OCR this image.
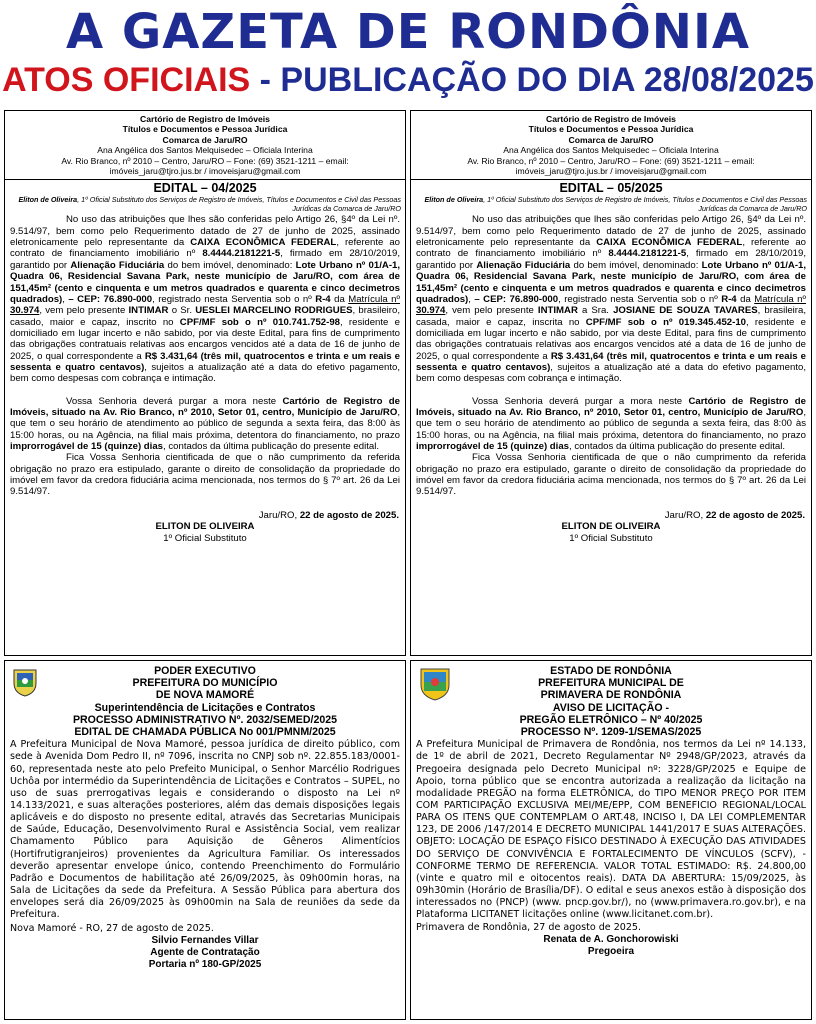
A GAZETA DE RONDÔNIA
ATOS OFICIAIS - PUBLICAÇÃO DO DIA 28/08/2025
Cartório de Registro de Imóveis
Títulos e Documentos e Pessoa Jurídica
Comarca de Jaru/RO
Ana Angélica dos Santos Melquisedec – Oficiala Interina
Av. Rio Branco, nº 2010 – Centro, Jaru/RO – Fone: (69) 3521-1211 – email:
imóveis_jaru@tjro.jus.br / imoveisjaru@gmail.com
EDITAL – 04/2025
Eliton de Oliveira, 1º Oficial Substituto dos Serviços de Registro de Imóveis, Títulos e Documentos e Civil das Pessoas Jurídicas da Comarca de Jaru/RO

No uso das atribuições que lhes são conferidas pelo Artigo 26, §4º da Lei nº. 9.514/97, bem como pelo Requerimento datado de 27 de junho de 2025, assinado eletronicamente pelo representante da CAIXA ECONÔMICA FEDERAL, referente ao contrato de financiamento imobiliário nº 8.4444.2181221-5, firmado em 28/10/2019, garantido por Alienação Fiduciária do bem imóvel, denominado: Lote Urbano nº 01/A-1, Quadra 06, Residencial Savana Park, neste município de Jaru/RO, com área de 151,45m² (cento e cinquenta e um metros quadrados e quarenta e cinco decimetros quadrados), – CEP: 76.890-000, registrado nesta Serventia sob o nº R-4 da Matrícula nº 30.974, vem pelo presente INTIMAR o Sr. UESLEI MARCELINO RODRIGUES, brasileiro, casado, maior e capaz, inscrito no CPF/MF sob o nº 010.741.752-98, residente e domiciliado em lugar incerto e não sabido, por via deste Edital, para fins de cumprimento das obrigações contratuais relativas aos encargos vencidos até a data de 16 de junho de 2025, o qual correspondente a R$ 3.431,64 (três mil, quatrocentos e trinta e um reais e sessenta e quatro centavos), sujeitos a atualização até a data do efetivo pagamento, bem como despesas com cobrança e intimação.

Vossa Senhoria deverá purgar a mora neste Cartório de Registro de Imóveis, situado na Av. Rio Branco, nº 2010, Setor 01, centro, Município de Jaru/RO, que tem o seu horário de atendimento ao público de segunda a sexta feira, das 8:00 às 15:00 horas, ou na Agência, na filial mais próxima, detentora do financiamento, no prazo improrrogável de 15 (quinze) dias, contados da última publicação do presente edital.

Fica Vossa Senhoria cientificada de que o não cumprimento da referida obrigação no prazo era estipulado, garante o direito de consolidação da propriedade do imóvel em favor da credora fiduciária acima mencionada, nos termos do § 7º art. 26 da Lei 9.514/97.

Jaru/RO, 22 de agosto de 2025.
ELITON DE OLIVEIRA
1º Oficial Substituto
Cartório de Registro de Imóveis
Títulos e Documentos e Pessoa Jurídica
Comarca de Jaru/RO
Ana Angélica dos Santos Melquisedec – Oficiala Interina
Av. Rio Branco, nº 2010 – Centro, Jaru/RO – Fone: (69) 3521-1211 – email:
imóveis_jaru@tjro.jus.br / imoveisjaru@gmail.com
EDITAL – 05/2025
Eliton de Oliveira, 1º Oficial Substituto dos Serviços de Registro de Imóveis, Títulos e Documentos e Civil das Pessoas Jurídicas da Comarca de Jaru/RO

No uso das atribuições que lhes são conferidas pelo Artigo 26, §4º da Lei nº. 9.514/97, bem como pelo Requerimento datado de 27 de junho de 2025, assinado eletronicamente pelo representante da CAIXA ECONÔMICA FEDERAL, referente ao contrato de financiamento imobiliário nº 8.4444.2181221-5, firmado em 28/10/2019, garantido por Alienação Fiduciária do bem imóvel, denominado: Lote Urbano nº 01/A-1, Quadra 06, Residencial Savana Park, neste município de Jaru/RO, com área de 151,45m² (cento e cinquenta e um metros quadrados e quarenta e cinco decimetros quadrados), – CEP: 76.890-000, registrado nesta Serventia sob o nº R-4 da Matrícula nº 30.974, vem pelo presente INTIMAR a Sra. JOSIANE DE SOUZA TAVARES, brasileira, casada, maior e capaz, inscrita no CPF/MF sob o nº 019.345.452-10, residente e domiciliada em lugar incerto e não sabido, por via deste Edital, para fins de cumprimento das obrigações contratuais relativas aos encargos vencidos até a data de 16 de junho de 2025, o qual correspondente a R$ 3.431,64 (três mil, quatrocentos e trinta e um reais e sessenta e quatro centavos), sujeitos a atualização até a data do efetivo pagamento, bem como despesas com cobrança e intimação.

Vossa Senhoria deverá purgar a mora neste Cartório de Registro de Imóveis, situado na Av. Rio Branco, nº 2010, Setor 01, centro, Município de Jaru/RO, que tem o seu horário de atendimento ao público de segunda a sexta feira, das 8:00 às 15:00 horas, ou na Agência, na filial mais próxima, detentora do financiamento, no prazo improrrogável de 15 (quinze) dias, contados da última publicação do presente edital.

Fica Vossa Senhoria cientificada de que o não cumprimento da referida obrigação no prazo era estipulado, garante o direito de consolidação da propriedade do imóvel em favor da credora fiduciária acima mencionada, nos termos do § 7º art. 26 da Lei 9.514/97.

Jaru/RO, 22 de agosto de 2025.
ELITON DE OLIVEIRA
1º Oficial Substituto
PODER EXECUTIVO
PREFEITURA DO MUNICÍPIO
DE NOVA MAMORÉ
Superintendência de Licitações e Contratos
PROCESSO ADMINISTRATIVO Nº. 2032/SEMED/2025
EDITAL DE CHAMADA PÚBLICA No 001/PMNM/2025

A Prefeitura Municipal de Nova Mamoré, pessoa jurídica de direito público, com sede à Avenida Dom Pedro II, nº 7096, inscrita no CNPJ sob nº. 22.855.183/0001-60, representada neste ato pelo Prefeito Municipal, o Senhor Marcélio Rodrigues Uchôa por intermédio da Superintendência de Licitações e Contratos – SUPEL, no uso de suas prerrogativas legais e considerando o disposto na Lei nº 14.133/2021, e suas alterações posteriores, além das demais disposições legais aplicáveis e do disposto no presente edital, através das Secretarias Municipais de Saúde, Educação, Desenvolvimento Rural e Assistência Social, vem realizar Chamamento Público para Aquisição de Gêneros Alimentícios (Hortifrutigranjeiros) provenientes da Agricultura Familiar. Os interessados deverão apresentar envelope único, contendo Preenchimento do Formulário Padrão e Documentos de habilitação até 26/09/2025, às 09h00min horas, na Sala de Licitações da sede da Prefeitura. A Sessão Pública para abertura dos envelopes será dia 26/09/2025 às 09h00min na Sala de reuniões da sede da Prefeitura.

Nova Mamoré - RO, 27 de agosto de 2025.

Silvio Fernandes Villar
Agente de Contratação
Portaria nº 180-GP/2025
ESTADO DE RONDÔNIA
PREFEITURA MUNICIPAL DE
PRIMAVERA DE RONDÔNIA
AVISO DE LICITAÇÃO -
PREGÃO ELETRÔNICO – Nº 40/2025
PROCESSO Nº. 1209-1/SEMAS/2025

A Prefeitura Municipal de Primavera de Rondônia, nos termos da Lei nº 14.133, de 1º de abril de 2021, Decreto Regulamentar Nº 2948/GP/2023, através da Pregoeira designada pelo Decreto Municipal nº: 3228/GP/2025 e Equipe de Apoio, torna público que se encontra autorizada a realização da licitação na modalidade PREGÃO na forma ELETRÔNICA, do TIPO MENOR PREÇO POR ITEM COM PARTICIPAÇÃO EXCLUSIVA MEI/ME/EPP, COM BENEFICIO REGIONAL/LOCAL PARA OS ITENS QUE CONTEMPLAM O ART.48, INCISO I, DA LEI COMPLEMENTAR 123, DE 2006 /147/2014 E DECRETO MUNICIPAL 1441/2017 E SUAS ALTERAÇÕES. OBJETO: LOCAÇÃO DE ESPAÇO FÍSICO DESTINADO À EXECUÇÃO DAS ATIVIDADES DO SERVIÇO DE CONVIVÊNCIA E FORTALECIMENTO DE VÍNCULOS (SCFV), - CONFORME TERMO DE REFERENCIA. VALOR TOTAL ESTIMADO: R$. 24.800,00 (vinte e quatro mil e oitocentos reais). DATA DA ABERTURA: 15/09/2025, às 09h30min (Horário de Brasília/DF). O edital e seus anexos estão à disposição dos interessados no (PNCP) (www. pncp.gov.br/), no (www.primavera.ro.gov.br), e na Plataforma LICITANET licitações online (www.licitanet.com.br).

Primavera de Rondônia, 27 de agosto de 2025.

Renata de A. Gonchorowiski
Pregoeira
